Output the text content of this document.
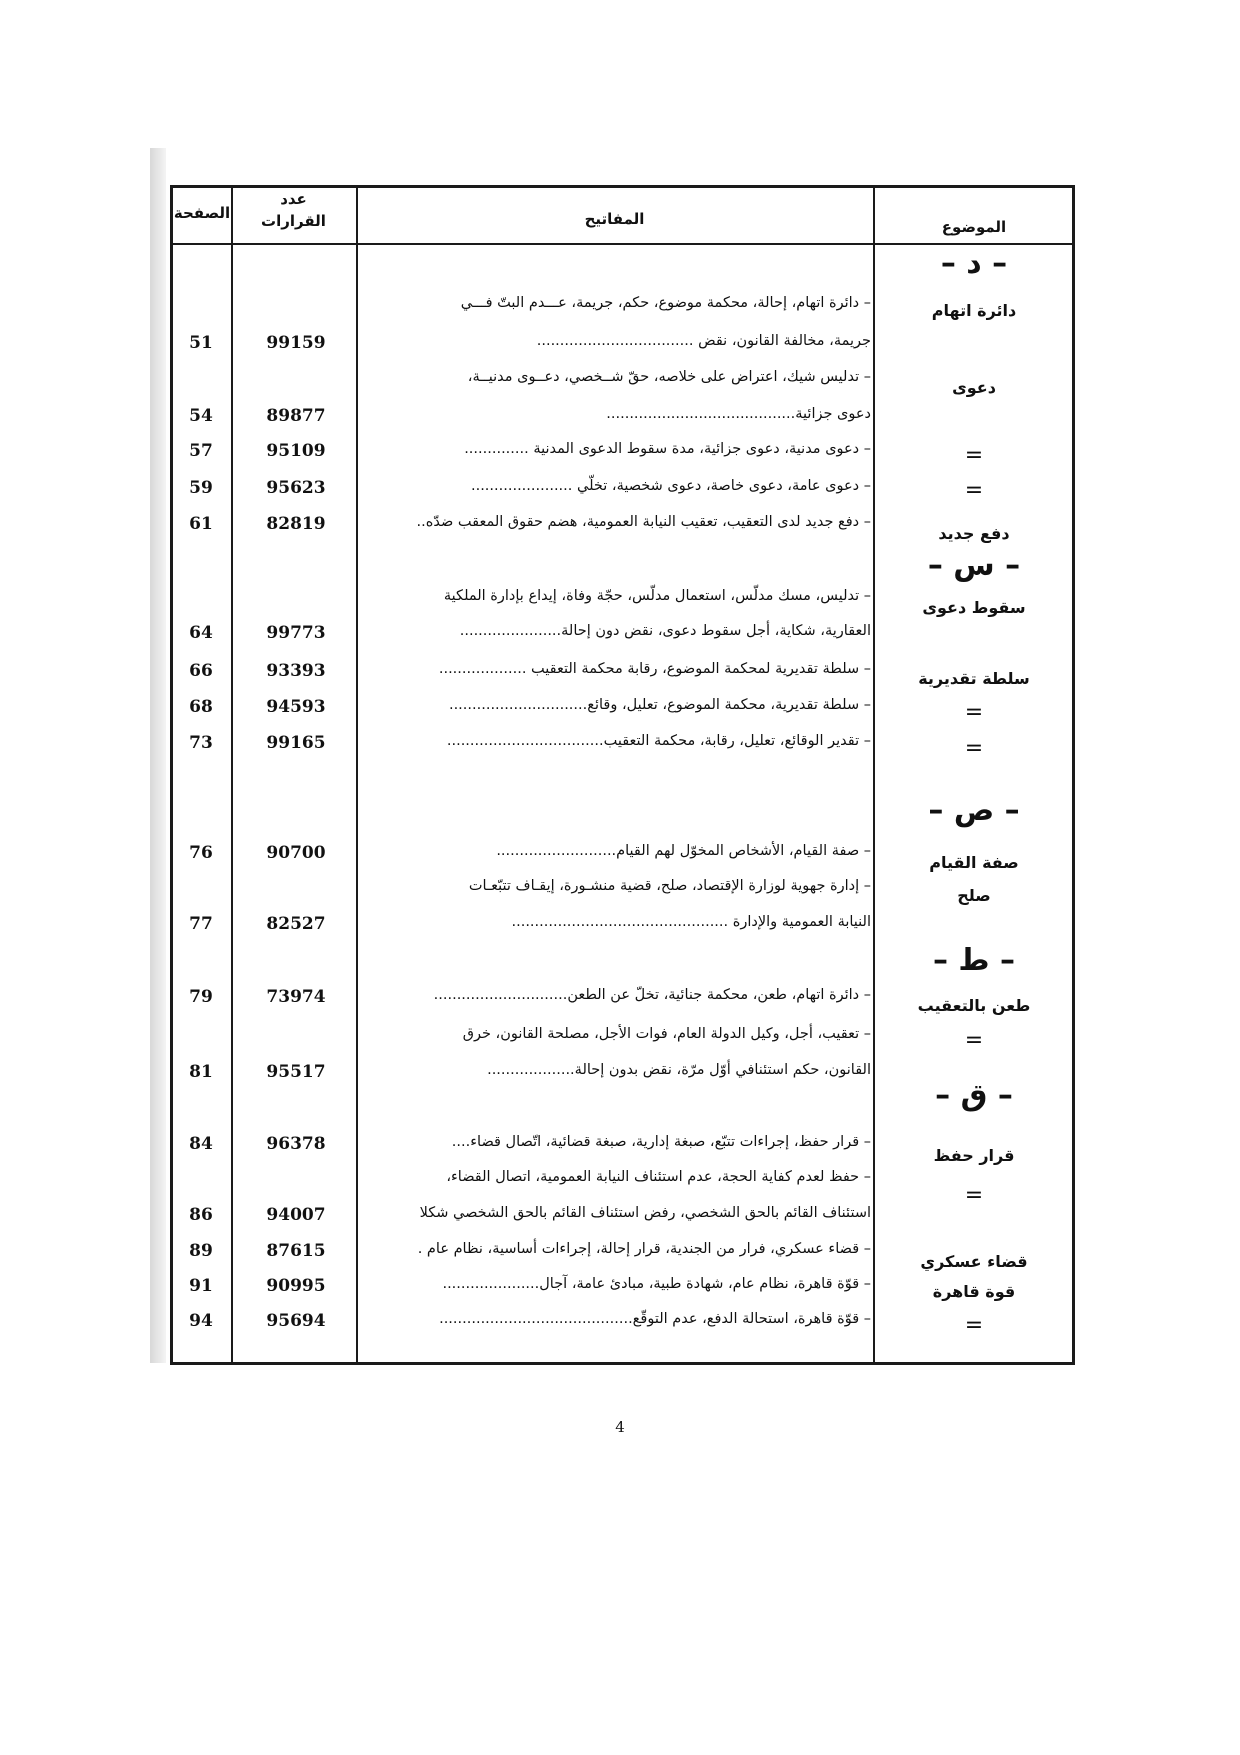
الصفحة
عدد
القرارات	المفاتيح	الموضوع
51
54
57
59
61
64
66
68
73
76
77
79
81
84
86
89
91
94
99159
89877
95109
95623
82819
99773
93393
94593
99165
90700
82527
73974
95517
96378
94007
87615
90995
95694
– دائرة اتهام، إحالة، محكمة موضوع، حكم، جريمة، عـــدم البتّ فـــي
جريمة، مخالفة القانون، نقض ..................................
– تدليس شيك، اعتراض على خلاصه، حقّ شــخصي، دعــوى مدنيــة،
دعوى جزائية.........................................
– دعوى مدنية، دعوى جزائية، مدة سقوط الدعوى المدنية ..............
– دعوى عامة، دعوى خاصة، دعوى شخصية، تخلّي ......................
– دفع جديد لدى التعقيب، تعقيب النيابة العمومية، هضم حقوق المعقب ضدّه..
– تدليس، مسك مدلّس، استعمال مدلّس، حجّة وفاة، إيداع بإدارة الملكية
العقارية، شكاية، أجل سقوط دعوى، نقض دون إحالة......................
– سلطة تقديرية لمحكمة الموضوع، رقابة محكمة التعقيب ...................
– سلطة تقديرية، محكمة الموضوع، تعليل، وقائع..............................
– تقدير الوقائع، تعليل، رقابة، محكمة التعقيب..................................
– صفة القيام، الأشخاص المخوّل لهم القيام..........................
– إدارة جهوية لوزارة الإقتصاد، صلح، قضية منشـورة، إيقـاف تتبّعـات
النيابة العمومية والإدارة ...............................................
– دائرة اتهام، طعن، محكمة جنائية، تخلّ عن الطعن.............................
– تعقيب، أجل، وكيل الدولة العام، فوات الأجل، مصلحة القانون، خرق
القانون، حكم استئنافي أوّل مرّة، نقض بدون إحالة...................
– قرار حفظ، إجراءات تتبّع، صبغة إدارية، صبغة قضائية، اتّصال قضاء....
– حفظ لعدم كفاية الحجة، عدم استئناف النيابة العمومية، اتصال القضاء،
استئناف القائم بالحق الشخصي، رفض استئناف القائم بالحق الشخصي شكلا
– قضاء عسكري، فرار من الجندية، قرار إحالة، إجراءات أساسية، نظام عام .
– قوّة قاهرة، نظام عام، شهادة طبية، مبادئ عامة، آجال.....................
– قوّة قاهرة، استحالة الدفع، عدم التوقّع..........................................
– د –
دائرة اتهام
دعوى
=
=
دفع جديد
– س –
سقوط دعوى
سلطة تقديرية
=
=
– ص –
صفة القيام
صلح
– ط –
طعن بالتعقيب
=
– ق –
قرار حفظ
=
قضاء عسكري
قوة قاهرة
=
4
